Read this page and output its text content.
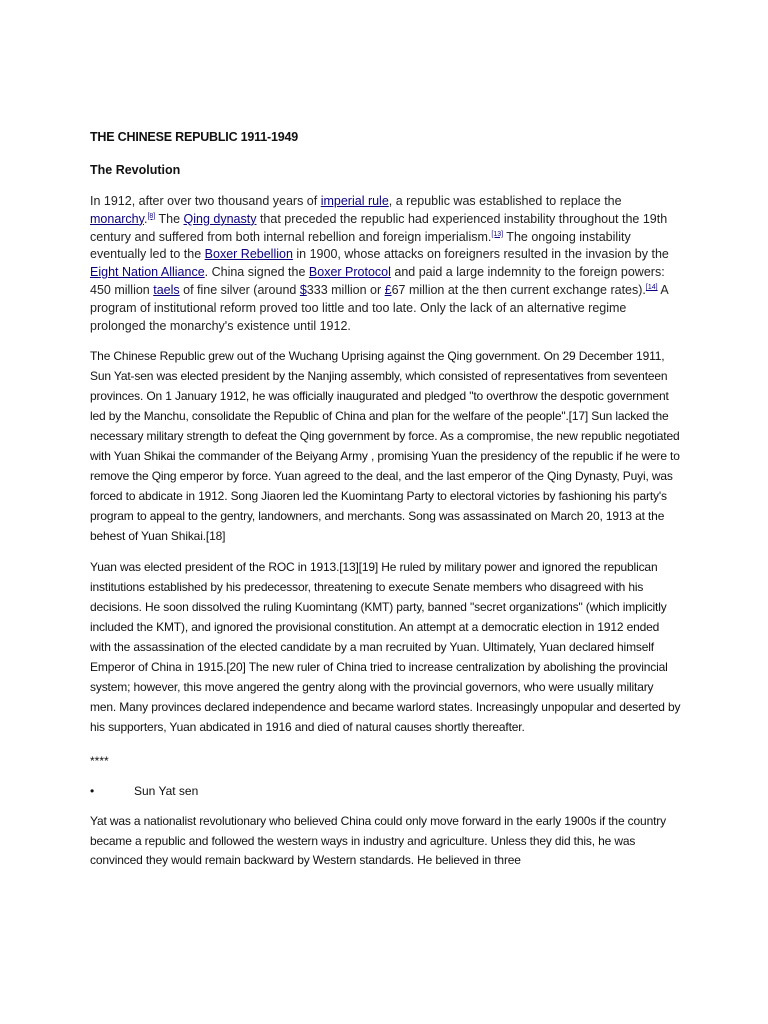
THE CHINESE REPUBLIC 1911-1949
The Revolution

In 1912, after over two thousand years of imperial rule, a republic was established to replace the monarchy.[8] The Qing dynasty that preceded the republic had experienced instability throughout the 19th century and suffered from both internal rebellion and foreign imperialism.[13] The ongoing instability eventually led to the Boxer Rebellion in 1900, whose attacks on foreigners resulted in the invasion by the Eight Nation Alliance. China signed the Boxer Protocol and paid a large indemnity to the foreign powers: 450 million taels of fine silver (around $333 million or £67 million at the then current exchange rates).[14] A program of institutional reform proved too little and too late. Only the lack of an alternative regime prolonged the monarchy's existence until 1912.

The Chinese Republic grew out of the Wuchang Uprising against the Qing government. On 29 December 1911, Sun Yat-sen was elected president by the Nanjing assembly, which consisted of representatives from seventeen provinces. On 1 January 1912, he was officially inaugurated and pledged "to overthrow the despotic government led by the Manchu, consolidate the Republic of China and plan for the welfare of the people".[17] Sun lacked the necessary military strength to defeat the Qing government by force. As a compromise, the new republic negotiated with Yuan Shikai the commander of the Beiyang Army , promising Yuan the presidency of the republic if he were to remove the Qing emperor by force. Yuan agreed to the deal, and the last emperor of the Qing Dynasty, Puyi, was forced to abdicate in 1912. Song Jiaoren led the Kuomintang Party to electoral victories by fashioning his party's program to appeal to the gentry, landowners, and merchants. Song was assassinated on March 20, 1913 at the behest of Yuan Shikai.[18]

Yuan was elected president of the ROC in 1913.[13][19] He ruled by military power and ignored the republican institutions established by his predecessor, threatening to execute Senate members who disagreed with his decisions. He soon dissolved the ruling Kuomintang (KMT) party, banned "secret organizations" (which implicitly included the KMT), and ignored the provisional constitution. An attempt at a democratic election in 1912 ended with the assassination of the elected candidate by a man recruited by Yuan. Ultimately, Yuan declared himself Emperor of China in 1915.[20] The new ruler of China tried to increase centralization by abolishing the provincial system; however, this move angered the gentry along with the provincial governors, who were usually military men. Many provinces declared independence and became warlord states. Increasingly unpopular and deserted by his supporters, Yuan abdicated in 1916 and died of natural causes shortly thereafter.

****

•	Sun Yat sen

Yat was a nationalist revolutionary who believed China could only move forward in the early 1900s if the country became a republic and followed the western ways in industry and agriculture. Unless they did this, he was convinced they would remain backward by Western standards. He believed in three
